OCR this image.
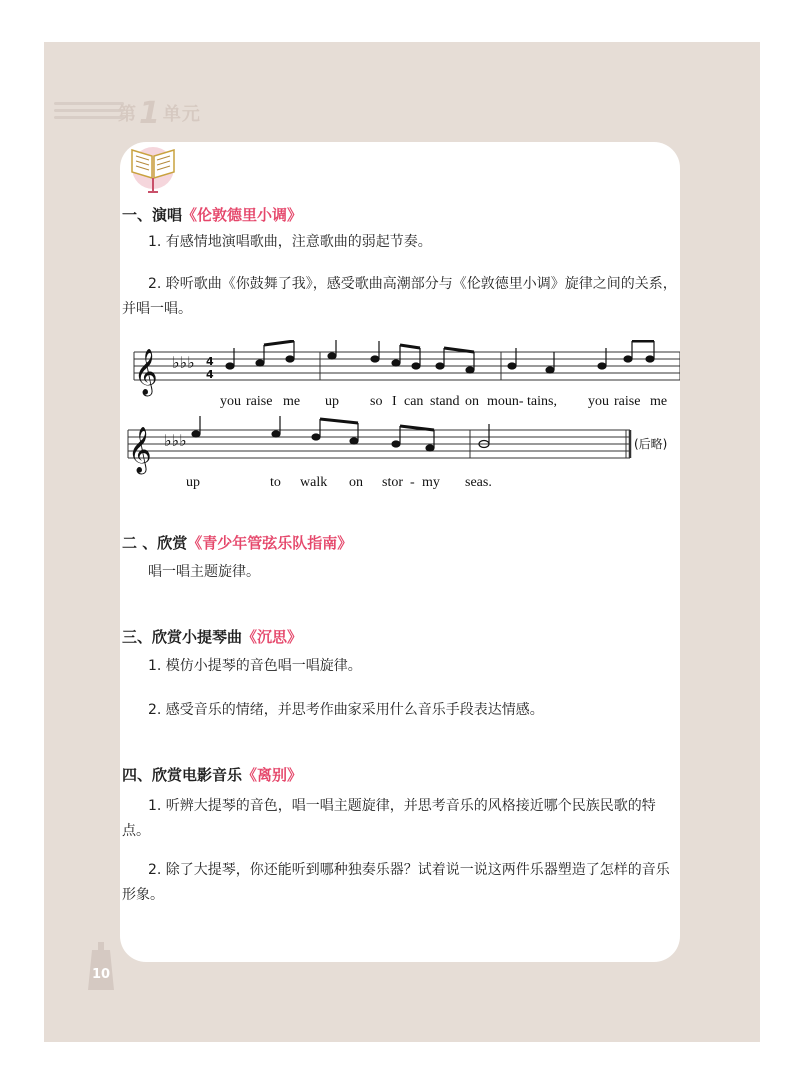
第1 单元
一、演唱《伦敦德里小调》
1. 有感情地演唱歌曲，注意歌曲的弱起节奏。
2. 聆听歌曲《你鼓舞了我》，感受歌曲高潮部分与《伦敦德里小调》旋律之间的关系，并唱一唱。
𝄞 ♭♭♭ 4
4
you raise me up so I can stand on moun- tains, you raise me
𝄞 ♭♭♭	(后略)
up	to walk on stor - my seas.
二 、欣赏《青少年管弦乐队指南》
唱一唱主题旋律。
三、欣赏小提琴曲《沉思》
1. 模仿小提琴的音色唱一唱旋律。
2. 感受音乐的情绪，并思考作曲家采用什么音乐手段表达情感。
四、欣赏电影音乐《离别》
1. 听辨大提琴的音色，唱一唱主题旋律，并思考音乐的风格接近哪个民族民歌的特点。
2. 除了大提琴，你还能听到哪种独奏乐器？试着说一说这两件乐器塑造了怎样的音乐形象。
10
